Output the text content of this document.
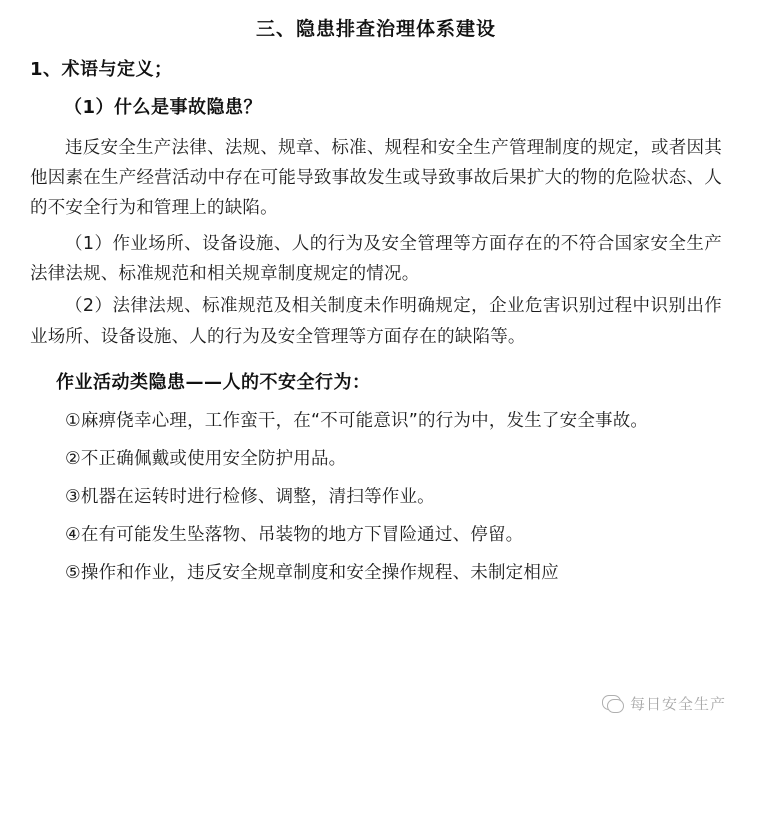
三、隐患排查治理体系建设
1、术语与定义；
（1）什么是事故隐患？

违反安全生产法律、法规、规章、标准、规程和安全生产管理制度的规定，或者因其他因素在生产经营活动中存在可能导致事故发生或导致事故后果扩大的物的危险状态、人的不安全行为和管理上的缺陷。

（1）作业场所、设备设施、人的行为及安全管理等方面存在的不符合国家安全生产法律法规、标准规范和相关规章制度规定的情况。

（2）法律法规、标准规范及相关制度未作明确规定，企业危害识别过程中识别出作业场所、设备设施、人的行为及安全管理等方面存在的缺陷等。

作业活动类隐患——人的不安全行为：

①麻痹侥幸心理，工作蛮干，在“不可能意识”的行为中，发生了安全事故。

②不正确佩戴或使用安全防护用品。

③机器在运转时进行检修、调整，清扫等作业。

④在有可能发生坠落物、吊装物的地方下冒险通过、停留。

⑤操作和作业，违反安全规章制度和安全操作规程、未制定相应

每日安全生产
